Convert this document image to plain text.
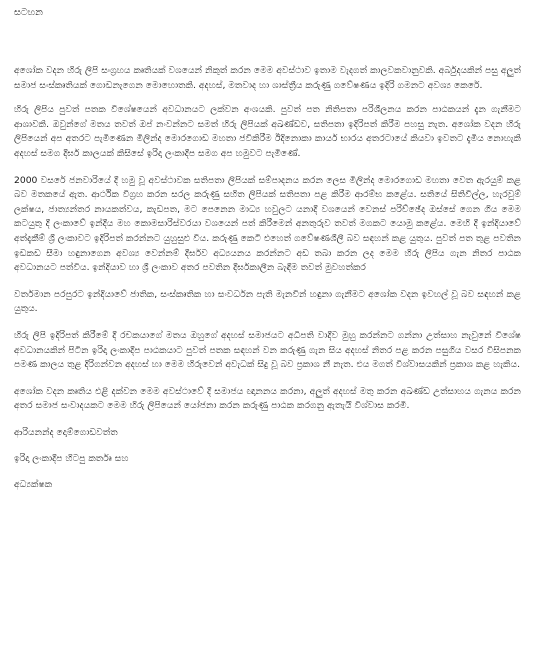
සටහන

අශෝක වදන හිරු ලිපි සංග්‍රහය කෘතියක් වශයෙන් නිකුත් කරන මෙම අවස්ථාව ඉතාම වැදගත් කාලවකවානුවකි. අර්බුදයකින් පසු අලුත් සමාජ සංස්කෘතියක් ගොඩනැගෙන මොහොතකි. අදහස්, මතවාද හා ශාස්ත්‍රීය කරුණු ගවේෂණය ඉදිරි ගමනට අවශ්‍ය කෙරේ.

හිරු ලිපිය පුවත් පතක විශේෂයෙන් අවධානයට ලක්වන අංශයකි. පුවත් පත නිතිපතා පරිශීලනය කරන පාඨකයන් දැන ගැනීමට ආශාවකි. ඔවුන්ගේ මතය තවත් ඔප් නංවන්නට සමත් හිරු ලිපියක් අඛණ්ඩව, සතිපතා ඉදිරිපත් කිරීම පහසු නැත. අශෝක වදන හිරු ලිපියෙන් අප අතරට පැමිණෙන මිලින්ද මොරගොඩ මහතා ජවිකිරීම ඊදිනොකා කාර්ය භාරය අතරටායේ කියවා ඉවතට දැමිය නොහැකි අදහස් සමග දීර්ඝ කාලයක් කිසිසේ ඉරිදා ලංකාදීප සමග අප හමුවට පැමිණේ.

2000 වසරේ ජනවාරියේ දී හමු වූ අවස්ථාවක සතිපතා ලිපියක් සම්පාදනය කරන ලෙස මිලින්ද මොරගොඩ මහතා වෙත ඇරයුම් කළ බව මතකයේ ඇත. ආර්ථික විග්‍රහ කරන සරල කරුණු සහිත ලිපියක් සතිපතා පළ කිරීම ආරම්භ කළේය. සතියේ සිතිවිල්ල, හැරවුම් ලක්ෂය, ජාත්‍යන්තර නායකත්වය, කැඩපත, මට පෙනෙන මාධ්‍ය හවුලට යනාදී වශයෙන් වෙනස් පරිච්ඡේද ඔස්සේ ගෙන ගිය මෙම කටයුතු දී ලංකාවේ ඉන්දීය මහ කොමසාරිස්වරයා වශයෙන් පත් කිරීමෙන් අනතුරුව තවත් මගකට යොමු කළේය. මෙහි දී ඉන්දියාවේ අත්දැකීම් ශ්‍රී ලංකාවට ඉදිරිපත් කරන්නට යුහුසුළු විය. කරුණු කෙටි එහෙත් ගවේෂණශීලී බව සඳහන් කළ යුතුය. පුවත් පත තුළ පවතින ඉඩකඩ සීමා හඳුනාගෙන අවශ්‍ය වෙන්නම් දීර්ඝව අධ්‍යයනය කරන්නට අඩ තබා කරන ලද මෙම හිරු ලිපිය ගැන නිතර පාඨක අවධානයට පත්විය. ඉන්දියාව හා ශ්‍රී ලංකාව අතර පවතින දීර්ඝකාලීන බැඳීම තවත් මුවහත්කර

වර්තමාන පරපුරට ඉන්දියාවේ ජාතික, සංස්කෘතික හා සංවර්ධන පැති මැනවින් හඳුනා ගැනීමට අශෝක වදන ඉවහල් වූ බව සඳහන් කළ යුතුය.

හිරු ලිපි ඉදිරිපත් කිරීමේ දී රචකයාගේ මතය ඔහුගේ අදහස් සමාජයට අධිපති වාදීව මුහු කරන්නට ගන්නා උත්සාහ නැවුනේ විශේෂ අවධානයකින් පිටින ඉරිදා ලංකාදීප පාඨකයාට පුවත් පතක සඳහන් වන කරුණු ගැන සිය අදහස් නිතර පළ කරන පසුගිය වසර විසිපනක පමණ කාලය තුළ දිරිගන්වන අදහස් හා මෙම හිරුවෙන් අවැධක් සිදු වූ බව ප්‍රකාශ නී නැත. එය මගත් විශ්වාසයකින් ප්‍රකාශ කළ හැකිය.

අශෝක වදන කෘතිය එළි දක්වන මෙම අවස්ථාවේ දී සමාජය ඥානනය කරනා, අලුත් අදහස් මතු කරන අඛණ්ඩ උත්සාහය ගැනය කරන අතර සමාජ සංවාදයකට මෙම හිරු ලිපියෙන් යෝජනා කරන කරුණු පාඨක කරගනු ඇතැයි විශ්වාස කරමි.

ආරියනන්ද දොම්ගොඩවත්ත
ඉරිදා ලංකාදීප හිටපු කර්තෘ සහ
අධ්‍යක්ෂක
